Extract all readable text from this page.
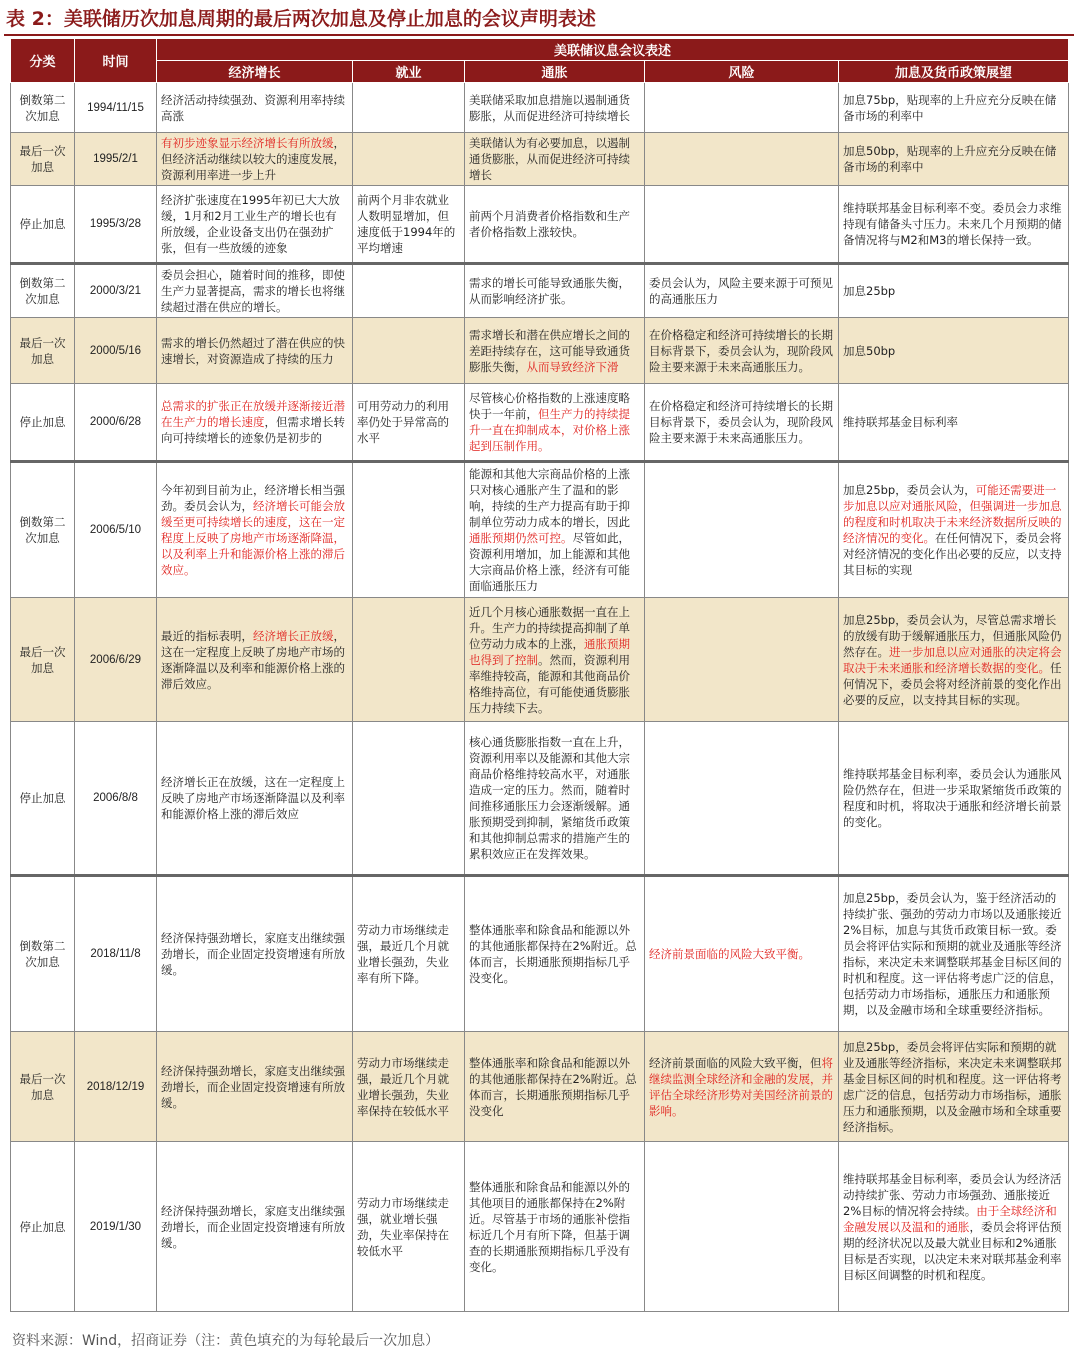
表 2：美联储历次加息周期的最后两次加息及停止加息的会议声明表述
分类	时间	美联储议息会议表述				
		经济增长	就业	通胀	风险	加息及货币政策展望
倒数第二次加息	1994/11/15	经济活动持续强劲、资源利用率持续高涨		美联储采取加息措施以遏制通货膨胀，从而促进经济可持续增长		加息75bp，贴现率的上升应充分反映在储备市场的利率中
最后一次加息	1995/2/1	有初步迹象显示经济增长有所放缓，但经济活动继续以较大的速度发展，资源利用率进一步上升		美联储认为有必要加息，以遏制通货膨胀，从而促进经济可持续增长		加息50bp，贴现率的上升应充分反映在储备市场的利率中
停止加息	1995/3/28	经济扩张速度在1995年初已大大放缓，1月和2月工业生产的增长也有所放缓，企业设备支出仍在强劲扩张，但有一些放缓的迹象	前两个月非农就业人数明显增加，但速度低于1994年的平均增速	前两个月消费者价格指数和生产者价格指数上涨较快。		维持联邦基金目标利率不变。委员会力求维持现有储备头寸压力。未来几个月预期的储备情况将与M2和M3的增长保持一致。
倒数第二次加息	2000/3/21	委员会担心，随着时间的推移，即使生产力显著提高，需求的增长也将继续超过潜在供应的增长。		需求的增长可能导致通胀失衡，从而影响经济扩张。	委员会认为，风险主要来源于可预见的高通胀压力	加息25bp
最后一次加息	2000/5/16	需求的增长仍然超过了潜在供应的快速增长，对资源造成了持续的压力		需求增长和潜在供应增长之间的差距持续存在，这可能导致通货膨胀失衡，从而导致经济下滑	在价格稳定和经济可持续增长的长期目标背景下，委员会认为，现阶段风险主要来源于未来高通胀压力。	加息50bp
停止加息	2000/6/28	总需求的扩张正在放缓并逐渐接近潜在生产力的增长速度，但需求增长转向可持续增长的迹象仍是初步的	可用劳动力的利用率仍处于异常高的水平	尽管核心价格指数的上涨速度略快于一年前，但生产力的持续提升一直在抑制成本，对价格上涨起到压制作用。	在价格稳定和经济可持续增长的长期目标背景下，委员会认为，现阶段风险主要来源于未来高通胀压力。	维持联邦基金目标利率
倒数第二次加息	2006/5/10	今年初到目前为止，经济增长相当强劲。委员会认为，经济增长可能会放缓至更可持续增长的速度，这在一定程度上反映了房地产市场逐渐降温，以及利率上升和能源价格上涨的滞后效应。		能源和其他大宗商品价格的上涨只对核心通胀产生了温和的影响，持续的生产力提高有助于抑制单位劳动力成本的增长，因此通胀预期仍然可控。尽管如此，资源利用增加，加上能源和其他大宗商品价格上涨，经济有可能面临通胀压力		加息25bp，委员会认为，可能还需要进一步加息以应对通胀风险，但强调进一步加息的程度和时机取决于未来经济数据所反映的经济情况的变化。在任何情况下，委员会将对经济情况的变化作出必要的反应，以支持其目标的实现
最后一次加息	2006/6/29	最近的指标表明，经济增长正放缓，这在一定程度上反映了房地产市场的逐渐降温以及利率和能源价格上涨的滞后效应。		近几个月核心通胀数据一直在上升。生产力的持续提高抑制了单位劳动力成本的上涨，通胀预期也得到了控制。然而，资源利用率维持较高，能源和其他商品价格维持高位，有可能使通货膨胀压力持续下去。		加息25bp，委员会认为，尽管总需求增长的放缓有助于缓解通胀压力，但通胀风险仍然存在。进一步加息以应对通胀的决定将会取决于未来通胀和经济增长数据的变化。任何情况下，委员会将对经济前景的变化作出必要的反应，以支持其目标的实现。
停止加息	2006/8/8	经济增长正在放缓，这在一定程度上反映了房地产市场逐渐降温以及利率和能源价格上涨的滞后效应		核心通货膨胀指数一直在上升，资源利用率以及能源和其他大宗商品价格维持较高水平，对通胀造成一定的压力。然而，随着时间推移通胀压力会逐渐缓解。通胀预期受到抑制，紧缩货币政策和其他抑制总需求的措施产生的累积效应正在发挥效果。		维持联邦基金目标利率，委员会认为通胀风险仍然存在，但进一步采取紧缩货币政策的程度和时机，将取决于通胀和经济增长前景的变化。
倒数第二次加息	2018/11/8	经济保持强劲增长，家庭支出继续强劲增长，而企业固定投资增速有所放缓。	劳动力市场继续走强，最近几个月就业增长强劲，失业率有所下降。	整体通胀率和除食品和能源以外的其他通胀都保持在2%附近。总体而言，长期通胀预期指标几乎没变化。	经济前景面临的风险大致平衡。	加息25bp，委员会认为，鉴于经济活动的持续扩张、强劲的劳动力市场以及通胀接近2%目标，加息与其货币政策目标一致。委员会将评估实际和预期的就业及通胀等经济指标，来决定未来调整联邦基金目标区间的时机和程度。这一评估将考虑广泛的信息，包括劳动力市场指标，通胀压力和通胀预期，以及金融市场和全球重要经济指标。
最后一次加息	2018/12/19	经济保持强劲增长，家庭支出继续强劲增长，而企业固定投资增速有所放缓。	劳动力市场继续走强，最近几个月就业增长强劲，失业率保持在较低水平	整体通胀率和除食品和能源以外的其他通胀都保持在2%附近。总体而言，长期通胀预期指标几乎没变化	经济前景面临的风险大致平衡，但将继续监测全球经济和金融的发展，并评估全球经济形势对美国经济前景的影响。	加息25bp，委员会将评估实际和预期的就业及通胀等经济指标，来决定未来调整联邦基金目标区间的时机和程度。这一评估将考虑广泛的信息，包括劳动力市场指标，通胀压力和通胀预期，以及金融市场和全球重要经济指标。
停止加息	2019/1/30	经济保持强劲增长，家庭支出继续强劲增长，而企业固定投资增速有所放缓。	劳动力市场继续走强，就业增长强劲，失业率保持在较低水平	整体通胀和除食品和能源以外的其他项目的通胀都保持在2%附近。尽管基于市场的通胀补偿指标近几个月有所下降，但基于调查的长期通胀预期指标几乎没有变化。		维持联邦基金目标利率，委员会认为经济活动持续扩张、劳动力市场强劲、通胀接近2%目标的情况将会持续。由于全球经济和金融发展以及温和的通胀，委员会将评估预期的经济状况以及最大就业目标和2%通胀目标是否实现，以决定未来对联邦基金利率目标区间调整的时机和程度。
资料来源：Wind，招商证券（注：黄色填充的为每轮最后一次加息）
